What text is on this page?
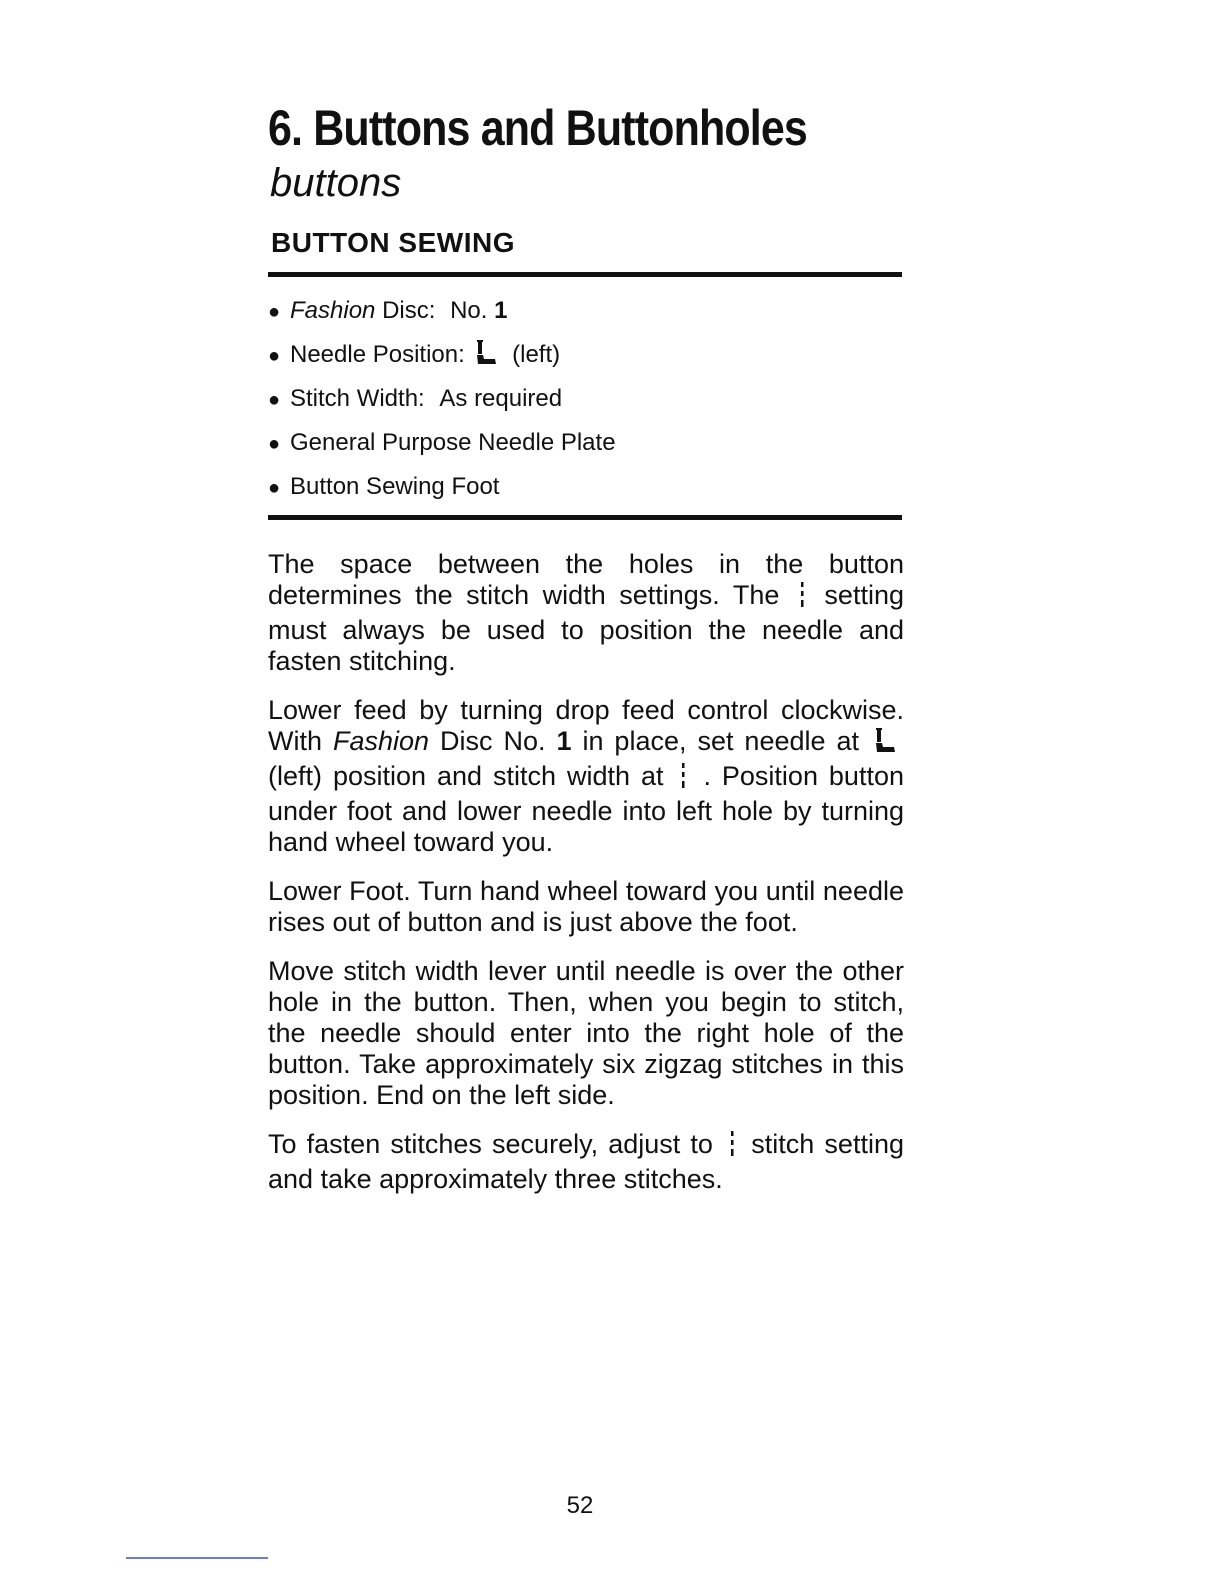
6. Buttons and Buttonholes
buttons
BUTTON SEWING
● Fashion Disc: No. 1
● Needle Position: (left)
● Stitch Width: As required
● General Purpose Needle Plate
● Button Sewing Foot

The space between the holes in the button determines the stitch width settings. The setting must always be used to position the needle and fasten stitching.

Lower feed by turning drop feed control clockwise. With Fashion Disc No. 1 in place, set needle at  (left) position and stitch width at . Position button under foot and lower needle into left hole by turning hand wheel toward you.

Lower Foot. Turn hand wheel toward you until needle rises out of button and is just above the foot.

Move stitch width lever until needle is over the other hole in the button. Then, when you begin to stitch, the needle should enter into the right hole of the button. Take approximately six zigzag stitches in this position. End on the left side.

To fasten stitches securely, adjust to stitch setting and take approximately three stitches.

52
